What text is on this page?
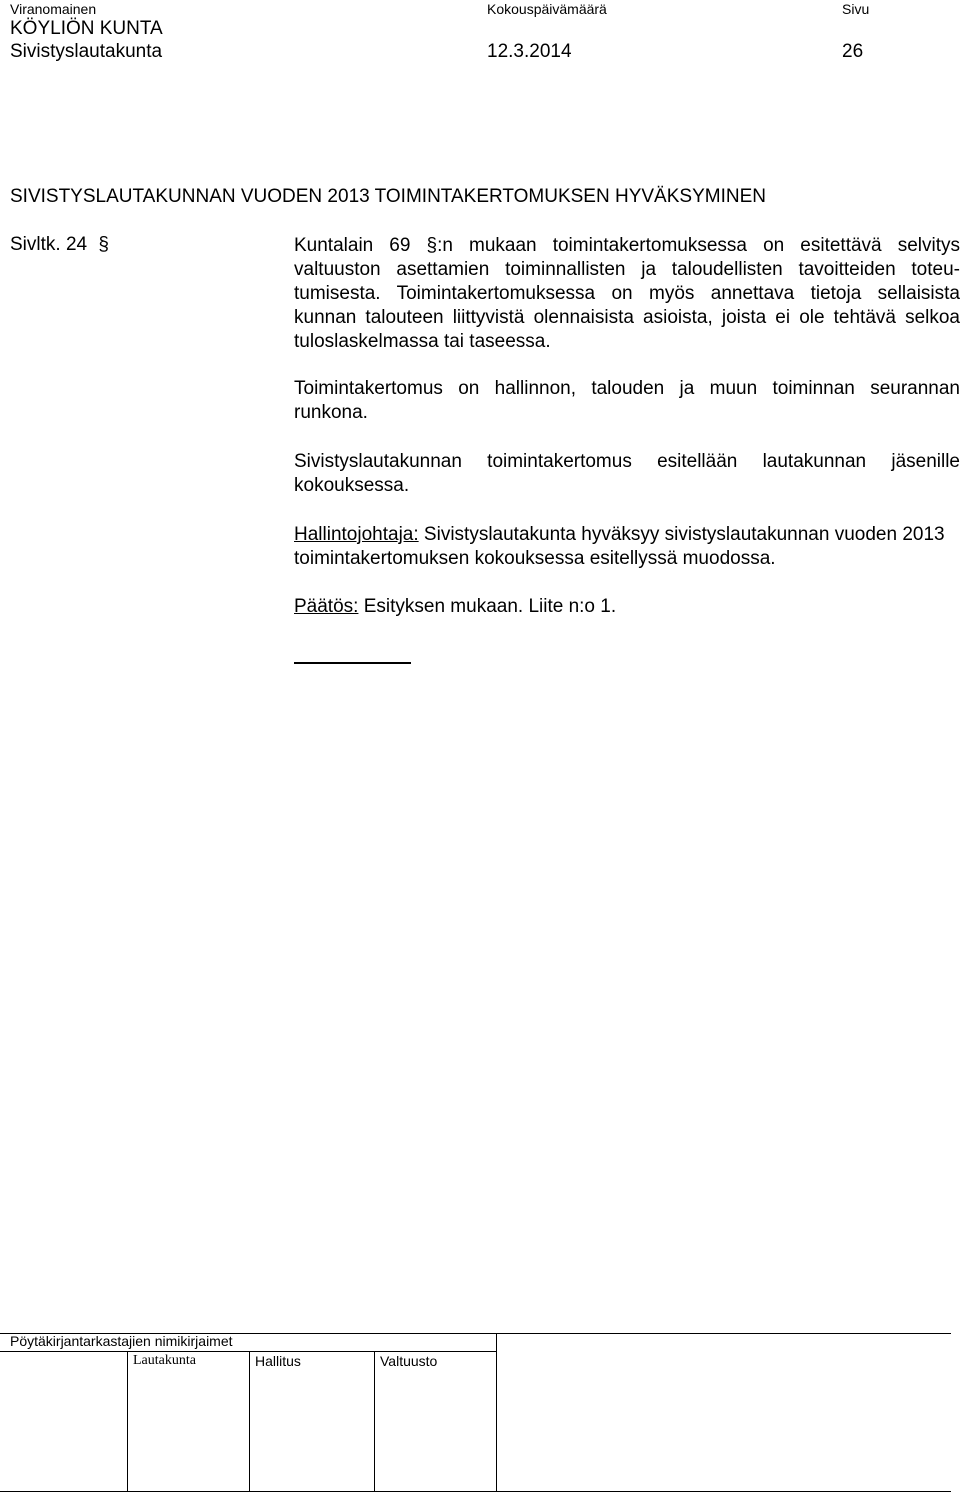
Viranomainen	Kokouspäivämäärä	Sivu
KÖYLIÖN KUNTA
Sivistyslautakunta	12.3.2014	26
SIVISTYSLAUTAKUNNAN VUODEN 2013 TOIMINTAKERTOMUKSEN HYVÄKSYMINEN
Sivltk. 24 §	Kuntalain 69 §:n mukaan toimintakertomuksessa on esitettävä selvitys valtuuston asettamien toiminnallisten ja taloudellisten tavoitteiden toteu-tumisesta. Toimintakertomuksessa on myös annettava tietoja sellaisista kunnan talouteen liittyvistä olennaisista asioista, joista ei ole tehtävä selkoa tuloslaskelmassa tai taseessa.
Toimintakertomus on hallinnon, talouden ja muun toiminnan seurannan runkona.
Sivistyslautakunnan toimintakertomus esitellään lautakunnan jäsenille kokouksessa.
Hallintojohtaja: Sivistyslautakunta hyväksyy sivistyslautakunnan vuoden 2013 toimintakertomuksen kokouksessa esitellyssä muodossa.
Päätös: Esityksen mukaan. Liite n:o 1.
Pöytäkirjantarkastajien nimikirjaimet
Lautakunta	Hallitus	Valtuusto
